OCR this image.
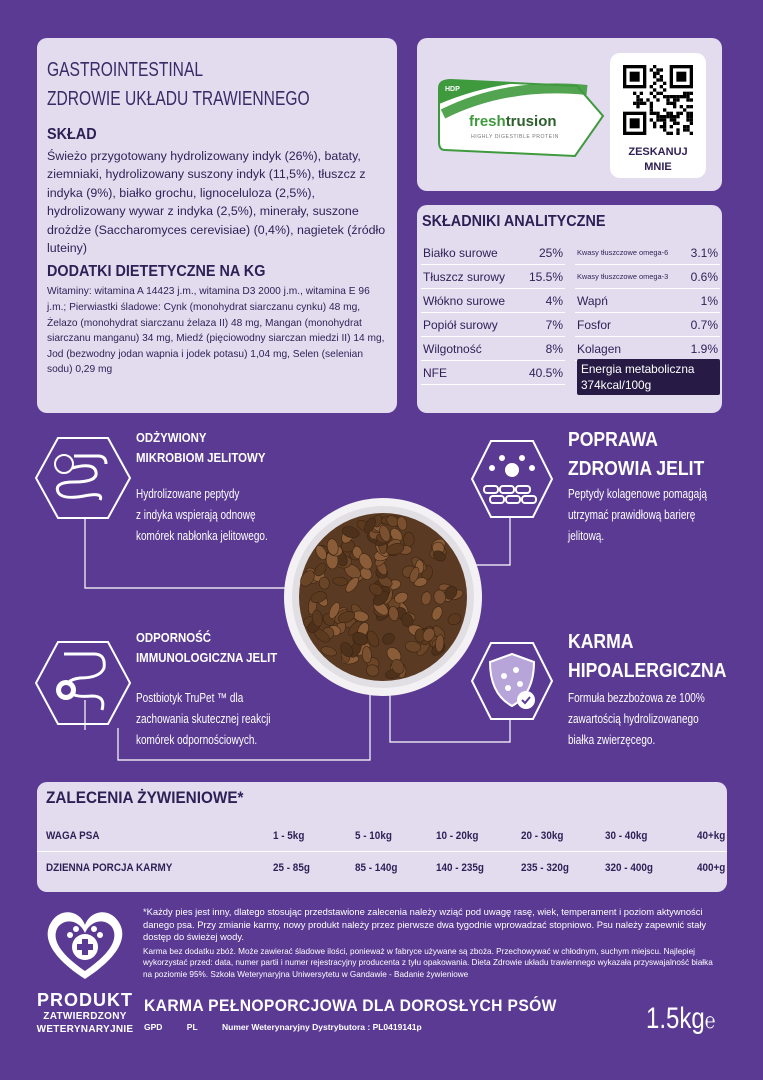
GASTROINTESTINAL
ZDROWIE UKŁADU TRAWIENNEGO
SKŁAD
Świeżo przygotowany hydrolizowany indyk (26%), bataty, ziemniaki, hydrolizowany suszony indyk (11,5%), tłuszcz z indyka (9%), białko grochu, lignoceluloza (2,5%), hydrolizowany wywar z indyka (2,5%), minerały, suszone drożdże (Saccharomyces cerevisiae) (0,4%), nagietek (źródło luteiny)
DODATKI DIETETYCZNE NA KG
Witaminy: witamina A 14423 j.m., witamina D3 2000 j.m., witamina E 96 j.m.; Pierwiastki śladowe: Cynk (monohydrat siarczanu cynku) 48 mg, Żelazo (monohydrat siarczanu żelaza II) 48 mg, Mangan (monohydrat siarczanu manganu) 34 mg, Miedź (pięciowodny siarczan miedzi II) 14 mg, Jod (bezwodny jodan wapnia i jodek potasu) 1,04 mg, Selen (selenian sodu) 0,29 mg
HDP
freshtrusion
HIGHLY DIGESTIBLE PROTEIN
ZESKANUJ
MNIE
SKŁADNIKI ANALITYCZNE
Białko surowe	25%
Tłuszcz surowy 15.5%
Włókno surowe	4%
Popiół surowy	7%
Wilgotność	8%
NFE	40.5%
Kwasy tłuszczowe omega-6 3.1%
Kwasy tłuszczowe omega-3 0.6%
Wapń	1%
Fosfor	0.7%
Kolagen	1.9%
Energia metaboliczna
374kcal/100g
ODŻYWIONY
MIKROBIOM JELITOWY
Hydrolizowane peptydy
z indyka wspierają odnowę
komórek nabłonka jelitowego.
POPRAWA
ZDROWIA JELIT
Peptydy kolagenowe pomagają
utrzymać prawidłową barierę
jelitową.
ODPORNOŚĆ
IMMUNOLOGICZNA JELIT
Postbiotyk TruPet ™ dla
zachowania skutecznej reakcji
komórek odpornościowych.
KARMA
HIPOALERGICZNA
Formuła bezzbożowa ze 100%
zawartością hydrolizowanego
białka zwierzęcego.
ZALECENIA ŻYWIENIOWE*
WAGA PSA	1 - 5kg	5 - 10kg	10 - 20kg	20 - 30kg	30 - 40kg	40+kg
DZIENNA PORCJA KARMY	25 - 85g	85 - 140g	140 - 235g	235 - 320g	320 - 400g	400+g
PRODUKT
ZATWIERDZONY
WETERYNARYJNIE
*Każdy pies jest inny, dlatego stosując przedstawione zalecenia należy wziąć pod uwagę rasę, wiek, temperament i poziom aktywności danego psa. Przy zmianie karmy, nowy produkt należy przez pierwsze dwa tygodnie wprowadzać stopniowo. Psu należy zapewnić stały dostęp do świeżej wody.
Karma bez dodatku zbóż. Może zawierać śladowe ilości, ponieważ w fabryce używane są zboża. Przechowywać w chłodnym, suchym miejscu. Najlepiej wykorzystać przed: data, numer partii i numer rejestracyjny producenta z tyłu opakowania. Dieta Zdrowie układu trawiennego wykazała przyswajalność białka na poziomie 95%. Szkoła Weterynaryjna Uniwersytetu w Gandawie - Badanie żywieniowe
KARMA PEŁNOPORCJOWA DLA DOROSŁYCH PSÓW
GPD	PL	Numer Weterynaryjny Dystrybutora : PL0419141p	1.5kg℮
